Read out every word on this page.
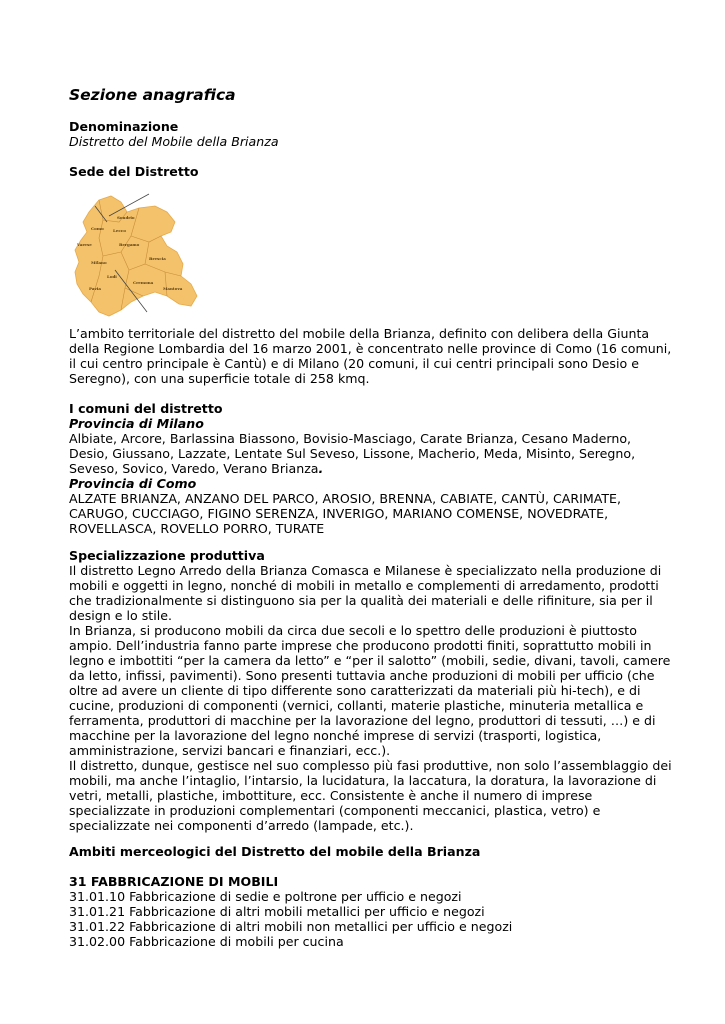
Sezione anagrafica
Denominazione
Distretto del Mobile della Brianza
Sede del Distretto
Sondrio
Como Lecco
Varese	Bergamo
Milano
Brescia
Lodi
Pavia
Cremona
Mantova
L’ambito territoriale del distretto del mobile della Brianza, definito con delibera della Giunta
della Regione Lombardia del 16 marzo 2001, è concentrato nelle province di Como (16 comuni,
il cui centro principale è Cantù) e di Milano (20 comuni, il cui centri principali sono Desio e
Seregno), con una superficie totale di 258 kmq.
I comuni del distretto
Provincia di Milano
Albiate, Arcore, Barlassina Biassono, Bovisio-Masciago, Carate Brianza, Cesano Maderno,
Desio, Giussano, Lazzate, Lentate Sul Seveso, Lissone, Macherio, Meda, Misinto, Seregno,
Seveso, Sovico, Varedo, Verano Brianza.
Provincia di Como
ALZATE BRIANZA, ANZANO DEL PARCO, AROSIO, BRENNA, CABIATE, CANTÙ, CARIMATE,
CARUGO, CUCCIAGO, FIGINO SERENZA, INVERIGO, MARIANO COMENSE, NOVEDRATE,
ROVELLASCA, ROVELLO PORRO, TURATE
Specializzazione produttiva
Il distretto Legno Arredo della Brianza Comasca e Milanese è specializzato nella produzione di
mobili e oggetti in legno, nonché di mobili in metallo e complementi di arredamento, prodotti
che tradizionalmente si distinguono sia per la qualità dei materiali e delle rifiniture, sia per il
design e lo stile.
In Brianza, si producono mobili da circa due secoli e lo spettro delle produzioni è piuttosto
ampio. Dell’industria fanno parte imprese che producono prodotti finiti, soprattutto mobili in
legno e imbottiti “per la camera da letto” e “per il salotto” (mobili, sedie, divani, tavoli, camere
da letto, infissi, pavimenti). Sono presenti tuttavia anche produzioni di mobili per ufficio (che
oltre ad avere un cliente di tipo differente sono caratterizzati da materiali più hi-tech), e di
cucine, produzioni di componenti (vernici, collanti, materie plastiche, minuteria metallica e
ferramenta, produttori di macchine per la lavorazione del legno, produttori di tessuti, …) e di
macchine per la lavorazione del legno nonché imprese di servizi (trasporti, logistica,
amministrazione, servizi bancari e finanziari, ecc.).
Il distretto, dunque, gestisce nel suo complesso più fasi produttive, non solo l’assemblaggio dei
mobili, ma anche l’intaglio, l’intarsio, la lucidatura, la laccatura, la doratura, la lavorazione di
vetri, metalli, plastiche, imbottiture, ecc. Consistente è anche il numero di imprese
specializzate in produzioni complementari (componenti meccanici, plastica, vetro) e
specializzate nei componenti d’arredo (lampade, etc.).
Ambiti merceologici del Distretto del mobile della Brianza
31 FABBRICAZIONE DI MOBILI
31.01.10 Fabbricazione di sedie e poltrone per ufficio e negozi
31.01.21 Fabbricazione di altri mobili metallici per ufficio e negozi
31.01.22 Fabbricazione di altri mobili non metallici per ufficio e negozi
31.02.00 Fabbricazione di mobili per cucina
